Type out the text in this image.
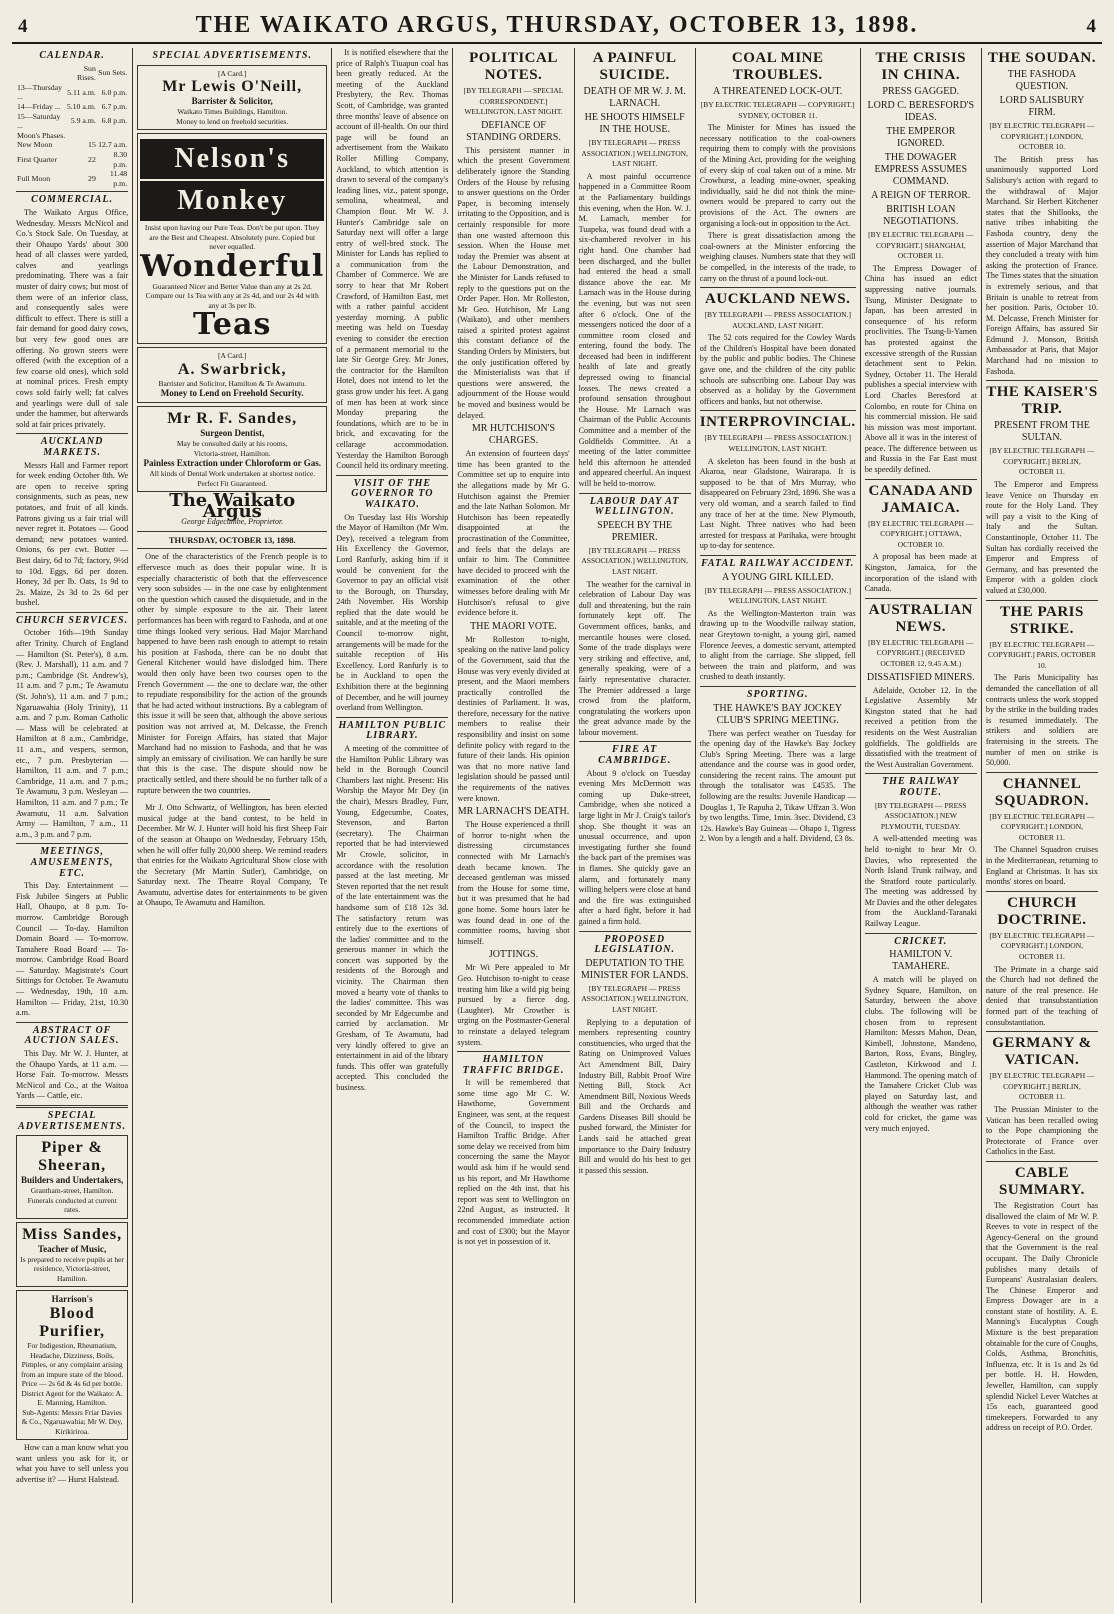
4	THE WAIKATO ARGUS, THURSDAY, OCTOBER 13, 1898.	4
CALENDAR.
	Sun Rises.	Sun Sets.
13—Thursday ...	5.11 a.m.	6.0 p.m.
14—Friday ...	5.10 a.m.	6.7 p.m.
15—Saturday ...	5.9 a.m.	6.8 p.m.
Moon's Phases.		
New Moon	15	12.7 a.m.
First Quarter	22	8.30 p.m.
Full Moon	29	11.48 p.m.
COMMERCIAL.

The Waikato Argus Office, Wednesday. Messrs McNicol and Co.'s Stock Sale. On Tuesday, at their Ohaupo Yards' about 300 head of all classes were yarded, calves and yearlings predominating. There was a fair muster of dairy cows; but most of them were of an inferior class, and consequently sales were difficult to effect. There is still a fair demand for good dairy cows, but very few good ones are offering. No grown steers were offered (with the exception of a few coarse old ones), which sold at nominal prices. Fresh empty cows sold fairly well; fat calves and yearlings were dull of sale under the hammer, but afterwards sold at fair prices privately.

AUCKLAND MARKETS.

Messrs Hall and Farmer report for week ending October 8th. We are open to receive spring consignments, such as peas, new potatoes, and fruit of all kinds. Patrons giving us a fair trial will never regret it. Potatoes — Good demand; new potatoes wanted. Onions, 6s per cwt. Butter — Best dairy, 6d to 7d; factory, 9½d to 10d. Eggs, 6d per dozen. Honey, 3d per lb. Oats, 1s 9d to 2s. Maize, 2s 3d to 2s 6d per bushel.

CHURCH SERVICES.

October 16th—19th Sunday after Trinity. Church of England — Hamilton (St. Peter's), 8 a.m. (Rev. J. Marshall), 11 a.m. and 7 p.m.; Cambridge (St. Andrew's), 11 a.m. and 7 p.m.; Te Awamutu (St. John's), 11 a.m. and 7 p.m.; Ngaruawahia (Holy Trinity), 11 a.m. and 7 p.m. Roman Catholic — Mass will be celebrated at Hamilton at 8 a.m., Cambridge, 11 a.m., and vespers, sermon, etc., 7 p.m. Presbyterian — Hamilton, 11 a.m. and 7 p.m.; Cambridge, 11 a.m. and 7 p.m.; Te Awamutu, 3 p.m. Wesleyan — Hamilton, 11 a.m. and 7 p.m.; Te Awamutu, 11 a.m. Salvation Army — Hamilton, 7 a.m., 11 a.m., 3 p.m. and 7 p.m.

MEETINGS, AMUSEMENTS, ETC.

This Day. Entertainment — Fisk Jubilee Singers at Public Hall, Ohaupo, at 8 p.m. To-morrow. Cambridge Borough Council — To-day. Hamilton Domain Board — To-morrow. Tamahere Road Board — To-morrow. Cambridge Road Board — Saturday. Magistrate's Court Sittings for October. Te Awamutu — Wednesday, 19th, 10 a.m. Hamilton — Friday, 21st, 10.30 a.m.

ABSTRACT OF AUCTION SALES.

This Day. Mr W. J. Hunter, at the Ohaupo Yards, at 11 a.m. — Horse Fair. To-morrow. Messrs McNicol and Co., at the Waitoa Yards — Cattle, etc.

SPECIAL ADVERTISEMENTS.
Piper & Sheeran,
Builders and Undertakers,
Grantham-street, Hamilton.
Funerals conducted at current rates.
Miss Sandes,
Teacher of Music,
Is prepared to receive pupils at her residence, Victoria-street, Hamilton.
Harrison's
Blood Purifier,
For Indigestion, Rheumatism, Headache, Dizziness, Boils, Pimples, or any complaint arising from an impure state of the blood.
Price — 2s 6d & 4s 6d per bottle.
District Agent for the Waikato: A. E. Manning, Hamilton.
Sub-Agents: Messrs Friar Davies & Co., Ngaruawahia; Mr W. Dey, Kirikiriroa.

How can a man know what you want unless you ask for it, or what you have to sell unless you advertise it? — Hurst Halstead.

SPECIAL ADVERTISEMENTS.
[A Card.]
Mr Lewis O'Neill,
Barrister & Solicitor,
Waikato Times Buildings, Hamilton.
Money to lend on freehold securities.
Nelson's
Monkey
Insist upon having our Pure Teas. Don't be put upon. They are the Best and Cheapest. Absolutely pure. Copied but never equalled.
Wonderful
Guaranteed Nicer and Better Value than any at 2s 2d. Compare our 1s Tea with any at 2s 4d, and our 2s 4d with any at 3s per lb.
Teas
[A Card.]
A. Swarbrick,
Barrister and Solicitor, Hamilton & Te Awamutu.
Money to Lend on Freehold Security.
Mr R. F. Sandes,
Surgeon Dentist,
May be consulted daily at his rooms,
Victoria-street, Hamilton.
Painless Extraction under Chloroform or Gas.
All kinds of Dental Work undertaken at shortest notice.
Perfect Fit Guaranteed.
The Waikato Argus
George Edgecumbe, Proprietor.
THURSDAY, OCTOBER 13, 1898.

One of the characteristics of the French people is to effervesce much as does their popular wine. It is especially characteristic of both that the effervescence very soon subsides — in the one case by enlightenment on the question which caused the disquietude, and in the other by simple exposure to the air. Their latent performances has been with regard to Fashoda, and at one time things looked very serious. Had Major Marchand happened to have been rash enough to attempt to retain his position at Fashoda, there can be no doubt that General Kitchener would have dislodged him. There would then only have been two courses open to the French Government — the one to declare war, the other to repudiate responsibility for the action of the grounds that he had acted without instructions. By a cablegram of this issue it will be seen that, although the above serious position was not arrived at, M. Delcasse, the French Minister for Foreign Affairs, has stated that Major Marchand had no mission to Fashoda, and that he was simply an emissary of civilisation. We can hardly be sure that this is the case. The dispute should now be practically settled, and there should be no further talk of a rupture between the two countries.

Mr J. Otto Schwartz, of Wellington, has been elected musical judge at the band contest, to be held in December. Mr W. J. Hunter will hold his first Sheep Fair of the season at Ohaupo on Wednesday, February 15th, when he will offer fully 20,000 sheep. We remind readers that entries for the Waikato Agricultural Show close with the Secretary (Mr Martin Sutler), Cambridge, on Saturday next. The Theatre Royal Company, Te Awamutu, advertise dates for entertainments to be given at Ohaupo, Te Awamutu and Hamilton.

It is notified elsewhere that the price of Ralph's Tiuapun coal has been greatly reduced. At the meeting of the Auckland Presbytery, the Rev. Thomas Scott, of Cambridge, was granted three months' leave of absence on account of ill-health. On our third page will be found an advertisement from the Waikato Roller Milling Company, Auckland, to which attention is drawn to several of the company's leading lines, viz., patent sponge, semolina, wheatmeal, and Champion flour. Mr W. J. Hunter's Cambridge sale on Saturday next will offer a large entry of well-bred stock. The Minister for Lands has replied to a communication from the Chamber of Commerce. We are sorry to hear that Mr Robert Crawford, of Hamilton East, met with a rather painful accident yesterday morning. A public meeting was held on Tuesday evening to consider the erection of a permanent memorial to the late Sir George Grey. Mr Jones, the contractor for the Hamilton Hotel, does not intend to let the grass grow under his feet. A gang of men has been at work since Monday preparing the foundations, which are to be in brick, and excavating for the cellarage accommodation. Yesterday the Hamilton Borough Council held its ordinary meeting.

VISIT OF THE GOVERNOR TO WAIKATO.

On Tuesday last His Worship the Mayor of Hamilton (Mr Wm. Dey), received a telegram from His Excellency the Governor, Lord Ranfurly, asking him if it would be convenient for the Governor to pay an official visit to the Borough, on Thursday, 24th November. His Worship replied that the date would be suitable, and at the meeting of the Council to-morrow night, arrangements will be made for the suitable reception of His Excellency. Lord Ranfurly is to be in Auckland to open the Exhibition there at the beginning of December, and he will journey overland from Wellington.

HAMILTON PUBLIC LIBRARY.

A meeting of the committee of the Hamilton Public Library was held in the Borough Council Chambers last night. Present: His Worship the Mayor Mr Dey (in the chair), Messrs Bradley, Furr, Young, Edgecumbe, Coates, Stevenson, and Barton (secretary). The Chairman reported that he had interviewed Mr Crowle, solicitor, in accordance with the resolution passed at the last meeting. Mr Steven reported that the net result of the late entertainment was the handsome sum of £18 12s 3d. The satisfactory return was entirely due to the exertions of the ladies' committee and to the generous manner in which the concert was supported by the residents of the Borough and vicinity. The Chairman then moved a hearty vote of thanks to the ladies' committee. This was seconded by Mr Edgecumbe and carried by acclamation. Mr Gresham, of Te Awamutu, had very kindly offered to give an entertainment in aid of the library funds. This offer was gratefully accepted. This concluded the business.

POLITICAL NOTES.
[BY TELEGRAPH — SPECIAL CORRESPONDENT.] WELLINGTON, LAST NIGHT.
DEFIANCE OF STANDING ORDERS.

This persistent manner in which the present Government deliberately ignore the Standing Orders of the House by refusing to answer questions on the Order Paper, is becoming intensely irritating to the Opposition, and is certainly responsible for more than one wasted afternoon this session. When the House met today the Premier was absent at the Labour Demonstration, and the Minister for Lands refused to reply to the questions put on the Order Paper. Hon. Mr Rolleston, Mr Geo. Hutchison, Mr Lang (Waikato), and other members raised a spirited protest against this constant defiance of the Standing Orders by Ministers, but the only justification offered by the Ministerialists was that if questions were answered, the adjournment of the House would be moved and business would be delayed.

MR HUTCHISON'S CHARGES.

An extension of fourteen days' time has been granted to the Committee set up to enquire into the allegations made by Mr G. Hutchison against the Premier and the late Nathan Solomon. Mr Hutchison has been repeatedly disappointed at the procrastination of the Committee, and feels that the delays are unfair to him. The Committee have decided to proceed with the examination of the other witnesses before dealing with Mr Hutchison's refusal to give evidence before it.

THE MAORI VOTE.

Mr Rolleston to-night, speaking on the native land policy of the Government, said that the House was very evenly divided at present, and the Maori members practically controlled the destinies of Parliament. It was, therefore, necessary for the native members to realise their responsibility and insist on some definite policy with regard to the future of their lands. His opinion was that no more native land legislation should be passed until the requirements of the natives were known.

MR LARNACH'S DEATH.

The House experienced a thrill of horror to-night when the distressing circumstances connected with Mr Larnach's death became known. The deceased gentleman was missed from the House for some time, but it was presumed that he had gone home. Some hours later he was found dead in one of the committee rooms, having shot himself.

JOTTINGS.

Mr Wi Pere appealed to Mr Geo. Hutchison to-night to cease treating him like a wild pig being pursued by a fierce dog. (Laughter). Mr Crowther is urging on the Postmaster-General to reinstate a delayed telegram system.

HAMILTON TRAFFIC BRIDGE.

It will be remembered that some time ago Mr C. W. Hawthorne, Government Engineer, was sent, at the request of the Council, to inspect the Hamilton Traffic Bridge. After some delay we received from him concerning the same the Mayor would ask him if he would send us his report, and Mr Hawthorne replied on the 4th inst. that his report was sent to Wellington on 22nd August, as instructed. It recommended immediate action and cost of £300; but the Mayor is not yet in possession of it.

A PAINFUL SUICIDE.
DEATH OF MR W. J. M. LARNACH.
HE SHOOTS HIMSELF IN THE HOUSE.
[BY TELEGRAPH — PRESS ASSOCIATION.] WELLINGTON, LAST NIGHT.

A most painful occurrence happened in a Committee Room at the Parliamentary buildings this evening, when the Hon. W. J. M. Larnach, member for Tuapeka, was found dead with a six-chambered revolver in his right hand. One chamber had been discharged, and the bullet had entered the head a small distance above the ear. Mr Larnach was in the House during the evening, but was not seen after 6 o'clock. One of the messengers noticed the door of a committee room closed and entering, found the body. The deceased had been in indifferent health of late and greatly depressed owing to financial losses. The news created a profound sensation throughout the House. Mr Larnach was Chairman of the Public Accounts Committee and a member of the Goldfields Committee. At a meeting of the latter committee held this afternoon he attended and appeared cheerful. An inquest will be held to-morrow.

LABOUR DAY AT WELLINGTON.
SPEECH BY THE PREMIER.
[BY TELEGRAPH — PRESS ASSOCIATION.] WELLINGTON, LAST NIGHT.

The weather for the carnival in celebration of Labour Day was dull and threatening, but the rain fortunately kept off. The Government offices, banks, and mercantile houses were closed. Some of the trade displays were very striking and effective, and, generally speaking, were of a fairly representative character. The Premier addressed a large crowd from the platform, congratulating the workers upon the great advance made by the labour movement.

FIRE AT CAMBRIDGE.

About 9 o'clock on Tuesday evening Mrs McDermott was coming up Duke-street, Cambridge, when she noticed a large light in Mr J. Craig's tailor's shop. She thought it was an unusual occurrence, and upon investigating further she found the back part of the premises was in flames. She quickly gave an alarm, and fortunately many willing helpers were close at hand and the fire was extinguished after a hard fight, before it had gained a firm hold.

PROPOSED LEGISLATION.
DEPUTATION TO THE MINISTER FOR LANDS.
[BY TELEGRAPH — PRESS ASSOCIATION.] WELLINGTON, LAST NIGHT.

Replying to a deputation of members representing country constituencies, who urged that the Rating on Unimproved Values Act Amendment Bill, Dairy Industry Bill, Rabbit Proof Wire Netting Bill, Stock Act Amendment Bill, Noxious Weeds Bill and the Orchards and Gardens Diseases Bill should be pushed forward, the Minister for Lands said he attached great importance to the Dairy Industry Bill and would do his best to get it passed this session.

COAL MINE TROUBLES.
A THREATENED LOCK-OUT.
[BY ELECTRIC TELEGRAPH — COPYRIGHT.] SYDNEY, OCTOBER 11.

The Minister for Mines has issued the necessary notification to the coal-owners requiring them to comply with the provisions of the Mining Act, providing for the weighing of every skip of coal taken out of a mine. Mr Crowhurst, a leading mine-owner, speaking individually, said he did not think the mine-owners would be prepared to carry out the provisions of the Act. The owners are organising a lock-out in opposition to the Act.

There is great dissatisfaction among the coal-owners at the Minister enforcing the weighing clauses. Numbers state that they will be compelled, in the interests of the trade, to carry on the thrust of a pound lock-out.

AUCKLAND NEWS.
[BY TELEGRAPH — PRESS ASSOCIATION.] AUCKLAND, LAST NIGHT.

The 52 cots required for the Cowley Wards of the Children's Hospital have been donated by the public and public bodies. The Chinese gave one, and the children of the city public schools are subscribing one. Labour Day was observed as a holiday by the Government officers and banks, but not otherwise.

INTERPROVINCIAL.
[BY TELEGRAPH — PRESS ASSOCIATION.] WELLINGTON, LAST NIGHT.

A skeleton has been found in the bush at Akaroa, near Gladstone, Wairarapa. It is supposed to be that of Mrs Murray, who disappeared on February 23rd, 1896. She was a very old woman, and a search failed to find any trace of her at the time. New Plymouth, Last Night. Three natives who had been arrested for trespass at Parihaka, were brought up to-day for sentence.

FATAL RAILWAY ACCIDENT.
A YOUNG GIRL KILLED.
[BY TELEGRAPH — PRESS ASSOCIATION.] WELLINGTON, LAST NIGHT.

As the Wellington-Masterton train was drawing up to the Woodville railway station, near Greytown to-night, a young girl, named Florence Jeeves, a domestic servant, attempted to alight from the carriage. She slipped, fell between the train and platform, and was crushed to death instantly.

SPORTING.
THE HAWKE'S BAY JOCKEY CLUB'S SPRING MEETING.

There was perfect weather on Tuesday for the opening day of the Hawke's Bay Jockey Club's Spring Meeting. There was a large attendance and the course was in good order, considering the recent rains. The amount put through the totalisator was £4535. The following are the results: Juvenile Handicap — Douglas 1, Te Rapuha 2, Tikaw Uffzan 3. Won by two lengths. Time, 1min. 3sec. Dividend, £3 12s. Hawke's Bay Guineas — Ohapo 1, Tigress 2. Won by a length and a half. Dividend, £3 8s.

THE CRISIS IN CHINA.
PRESS GAGGED.
LORD C. BERESFORD'S IDEAS.
THE EMPEROR IGNORED.
THE DOWAGER EMPRESS ASSUMES COMMAND.
A REIGN OF TERROR.
BRITISH LOAN NEGOTIATIONS.
[BY ELECTRIC TELEGRAPH — COPYRIGHT.] SHANGHAI, OCTOBER 11.

The Empress Dowager of China has issued an edict suppressing native journals. Tsung, Minister Designate to Japan, has been arrested in consequence of his reform proclivities. The Tsung-li-Yamen has protested against the excessive strength of the Russian detachment sent to Pekin. Sydney, October 11. The Herald publishes a special interview with Lord Charles Beresford at Colombo, en route for China on his commercial mission. He said his mission was most important. Above all it was in the interest of peace. The difference between us and Russia in the Far East must be speedily defined.

CANADA AND JAMAICA.
[BY ELECTRIC TELEGRAPH — COPYRIGHT.] OTTAWA, OCTOBER 10.

A proposal has been made at Kingston, Jamaica, for the incorporation of the island with Canada.

AUSTRALIAN NEWS.
[BY ELECTRIC TELEGRAPH — COPYRIGHT.] (RECEIVED OCTOBER 12, 9.45 A.M.)
DISSATISFIED MINERS.

Adelaide, October 12. In the Legislative Assembly Mr Kingston stated that he had received a petition from the residents on the West Australian goldfields. The goldfields are dissatisfied with the treatment of the West Australian Government.

THE RAILWAY ROUTE.
[BY TELEGRAPH — PRESS ASSOCIATION.] NEW PLYMOUTH, TUESDAY.

A well-attended meeting was held to-night to hear Mr O. Davies, who represented the North Island Trunk railway, and the Stratford route particularly. The meeting was addressed by Mr Davies and the other delegates from the Auckland-Taranaki Railway League.

CRICKET.
HAMILTON V. TAMAHERE.

A match will be played on Sydney Square, Hamilton, on Saturday, between the above clubs. The following will be chosen from to represent Hamilton: Messrs Mahon, Dean, Kimbell, Johnstone, Mandeno, Barton, Ross, Evans, Bingley, Castleton, Kirkwood and J. Hammond. The opening match of the Tamahere Cricket Club was played on Saturday last, and although the weather was rather cold for cricket, the game was very much enjoyed.

THE SOUDAN.
THE FASHODA QUESTION.
LORD SALISBURY FIRM.
[BY ELECTRIC TELEGRAPH — COPYRIGHT.] LONDON, OCTOBER 10.

The British press has unanimously supported Lord Salisbury's action with regard to the withdrawal of Major Marchand. Sir Herbert Kitchener states that the Shillooks, the native tribes inhabiting the Fashoda country, deny the assertion of Major Marchand that they concluded a treaty with him asking the protection of France. The Times states that the situation is extremely serious, and that Britain is unable to retreat from her position. Paris, October 10. M. Delcasse, French Minister for Foreign Affairs, has assured Sir Edmund J. Monson, British Ambassador at Paris, that Major Marchand had no mission to Fashoda.

THE KAISER'S TRIP.
PRESENT FROM THE SULTAN.
[BY ELECTRIC TELEGRAPH — COPYRIGHT.] BERLIN, OCTOBER 11.

The Emperor and Empress leave Venice on Thursday en route for the Holy Land. They will pay a visit to the King of Italy and the Sultan. Constantinople, October 11. The Sultan has cordially received the Emperor and Empress of Germany, and has presented the Emperor with a golden clock valued at £30,000.

THE PARIS STRIKE.
[BY ELECTRIC TELEGRAPH — COPYRIGHT.] PARIS, OCTOBER 10.

The Paris Municipality has demanded the cancellation of all contracts unless the work stopped by the strike in the building trades is resumed immediately. The strikers and soldiers are fraternising in the streets. The number of men on strike is 50,000.

CHANNEL SQUADRON.
[BY ELECTRIC TELEGRAPH — COPYRIGHT.] LONDON, OCTOBER 11.

The Channel Squadron cruises in the Mediterranean, returning to England at Christmas. It has six months' stores on board.

CHURCH DOCTRINE.
[BY ELECTRIC TELEGRAPH — COPYRIGHT.] LONDON, OCTOBER 11.

The Primate in a charge said the Church had not defined the nature of the real presence. He denied that transubstantiation formed part of the teaching of consubstantiation.

GERMANY & VATICAN.
[BY ELECTRIC TELEGRAPH — COPYRIGHT.] BERLIN, OCTOBER 11.

The Prussian Minister to the Vatican has been recalled owing to the Pope championing the Protectorate of France over Catholics in the East.

CABLE SUMMARY.

The Registration Court has disallowed the claim of Mr W. P. Reeves to vote in respect of the Agency-General on the ground that the Government is the real occupant. The Daily Chronicle publishes many details of Europeans' Australasian dealers. The Chinese Emperor and Empress Dowager are in a constant state of hostility. A. E. Manning's Eucalyptus Cough Mixture is the best preparation obtainable for the cure of Coughs, Colds, Asthma, Bronchitis, Influenza, etc. It is 1s and 2s 6d per bottle. H. H. Howden, Jeweller, Hamilton, can supply splendid Nickel Lever Watches at 15s each, guaranteed good timekeepers. Forwarded to any address on receipt of P.O. Order.
